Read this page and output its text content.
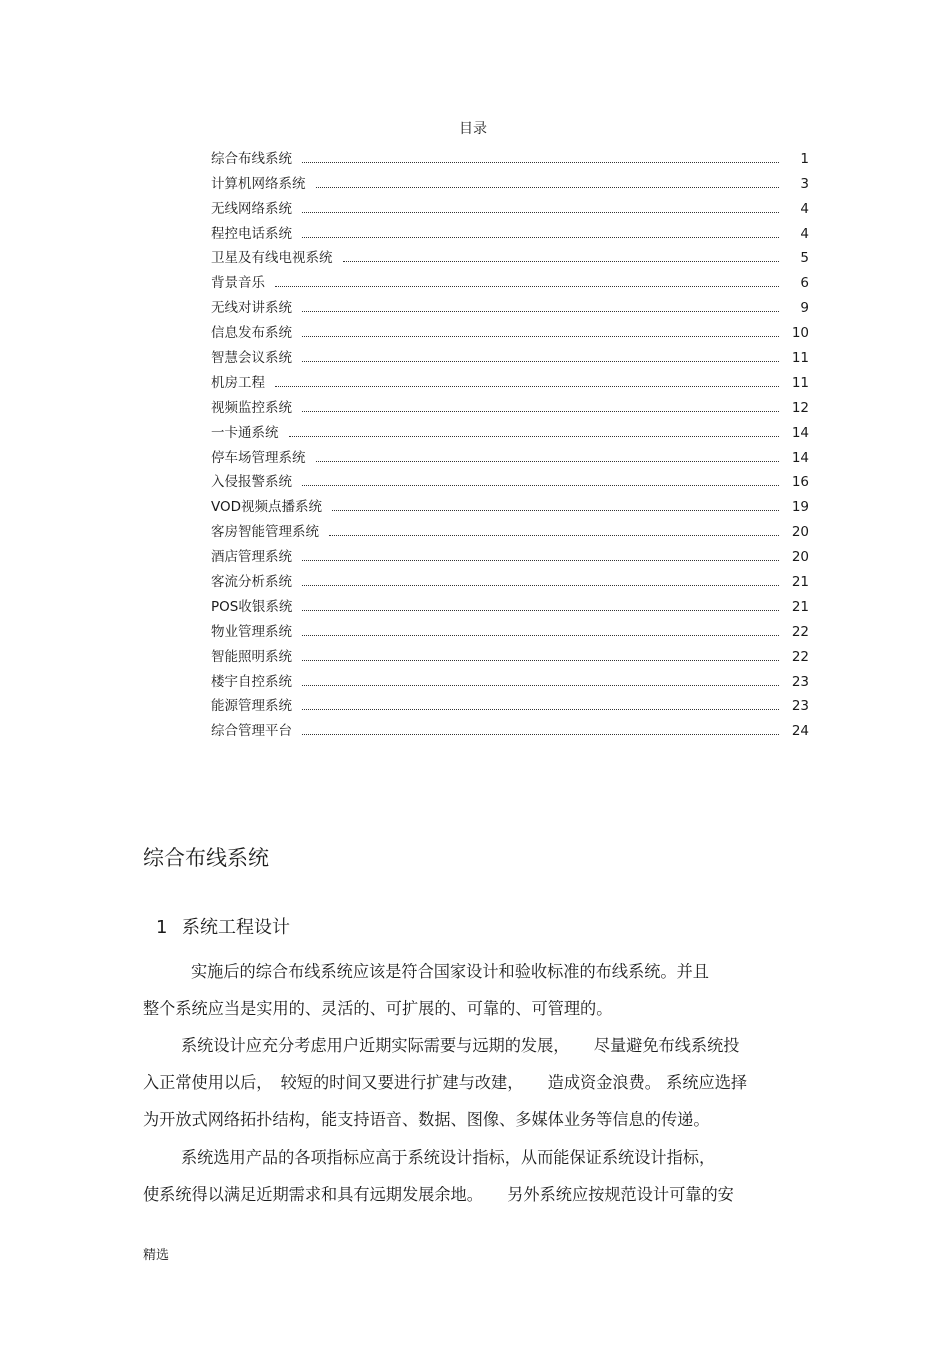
目录
综合布线系统	1
计算机网络系统	3
无线网络系统	4
程控电话系统	4
卫星及有线电视系统	5
背景音乐	6
无线对讲系统	9
信息发布系统	10
智慧会议系统	11
机房工程	11
视频监控系统	12
一卡通系统	14
停车场管理系统	14
入侵报警系统	16
VOD视频点播系统	19
客房智能管理系统	20
酒店管理系统	20
客流分析系统	21
POS收银系统	21
物业管理系统	22
智能照明系统	22
楼宇自控系统	23
能源管理系统	23
综合管理平台	24
综合布线系统
1 系统工程设计

实施后的综合布线系统应该是符合国家设计和验收标准的布线系统。并且
整个系统应当是实用的、灵活的、可扩展的、可靠的、可管理的。

系统设计应充分考虑用户近期实际需要与远期的发展，　　尽量避免布线系统投
入正常使用以后，　较短的时间又要进行扩建与改建，　　造成资金浪费。 系统应选择
为开放式网络拓扑结构，能支持语音、数据、图像、多媒体业务等信息的传递。

系统选用产品的各项指标应高于系统设计指标，从而能保证系统设计指标，
使系统得以满足近期需求和具有远期发展余地。　　另外系统应按规范设计可靠的安

精选
